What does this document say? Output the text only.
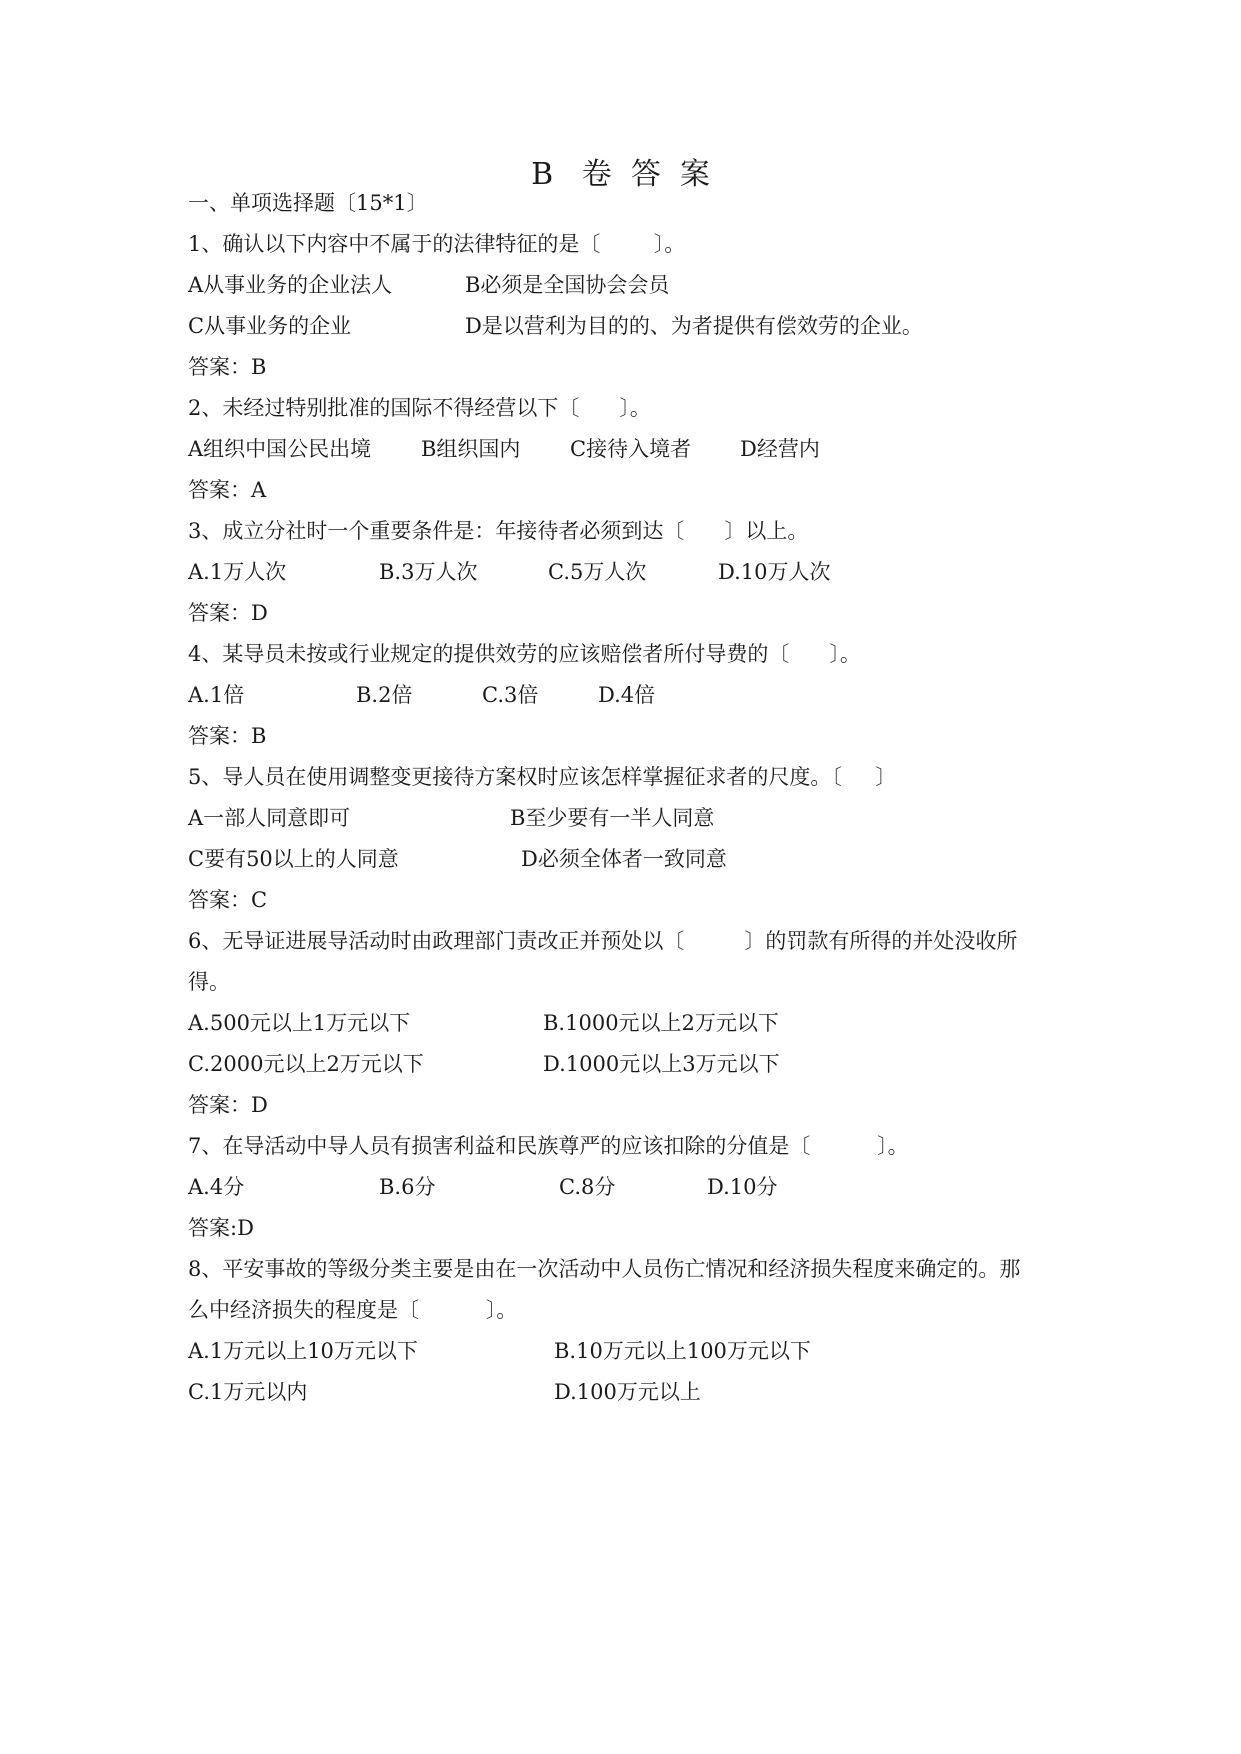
B   卷  答  案
一、单项选择题〔15*1〕
1、确认以下内容中不属于的法律特征的是〔        〕。
A从事业务的企业法人	B必须是全国协会会员
C从事业务的企业	D是以营利为目的的、为者提供有偿效劳的企业。
答案：B
2、未经过特别批准的国际不得经营以下〔      〕。
A组织中国公民出境 B组织国内 C接待入境者 D经营内
答案：A
3、成立分社时一个重要条件是：年接待者必须到达〔      〕以上。
A.1万人次	B.3万人次	C.5万人次	D.10万人次
答案：D
4、某导员未按或行业规定的提供效劳的应该赔偿者所付导费的〔      〕。
A.1倍	B.2倍	C.3倍	D.4倍
答案：B
5、导人员在使用调整变更接待方案权时应该怎样掌握征求者的尺度。〔     〕
A一部人同意即可	B至少要有一半人同意
C要有50以上的人同意	D必须全体者一致同意
答案：C
6、无导证进展导活动时由政理部门责改正并预处以〔         〕的罚款有所得的并处没收所
得。
A.500元以上1万元以下	B.1000元以上2万元以下
C.2000元以上2万元以下	D.1000元以上3万元以下
答案：D
7、在导活动中导人员有损害利益和民族尊严的应该扣除的分值是〔          〕。
A.4分	B.6分	C.8分	D.10分
答案:D
8、平安事故的等级分类主要是由在一次活动中人员伤亡情况和经济损失程度来确定的。那
么中经济损失的程度是〔          〕。
A.1万元以上10万元以下	B.10万元以上100万元以下
C.1万元以内	D.100万元以上
